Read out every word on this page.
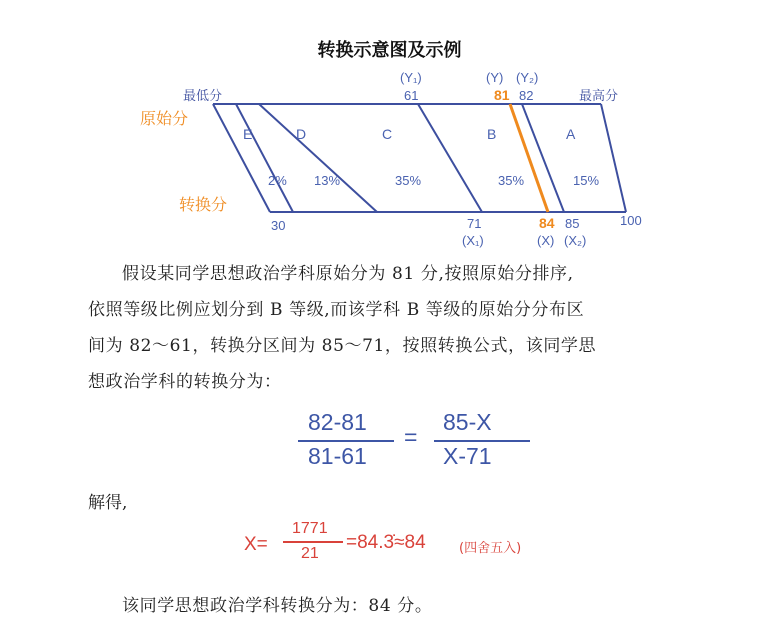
转换示意图及示例
原始分
转换分
最低分	最高分
(Y₁)
61
(Y) (Y₂)
82
81
E	D	C	B	A
2% 13%	35%	35%	15%
30	71
(X₁)	(X)
85
(X₂)
100
84
假设某同学思想政治学科原始分为 81 分,按照原始分排序,
依照等级比例应划分到 B 等级,而该学科 B 等级的原始分分布区
间为 82～61，转换分区间为 85～71，按照转换公式，该同学思
想政治学科的转换分为：
82-81
81-61
=
85-X
X-71
解得,
X=
1771
21
=84.3̇≈84	(四舍五入)
该同学思想政治学科转换分为：84 分。
